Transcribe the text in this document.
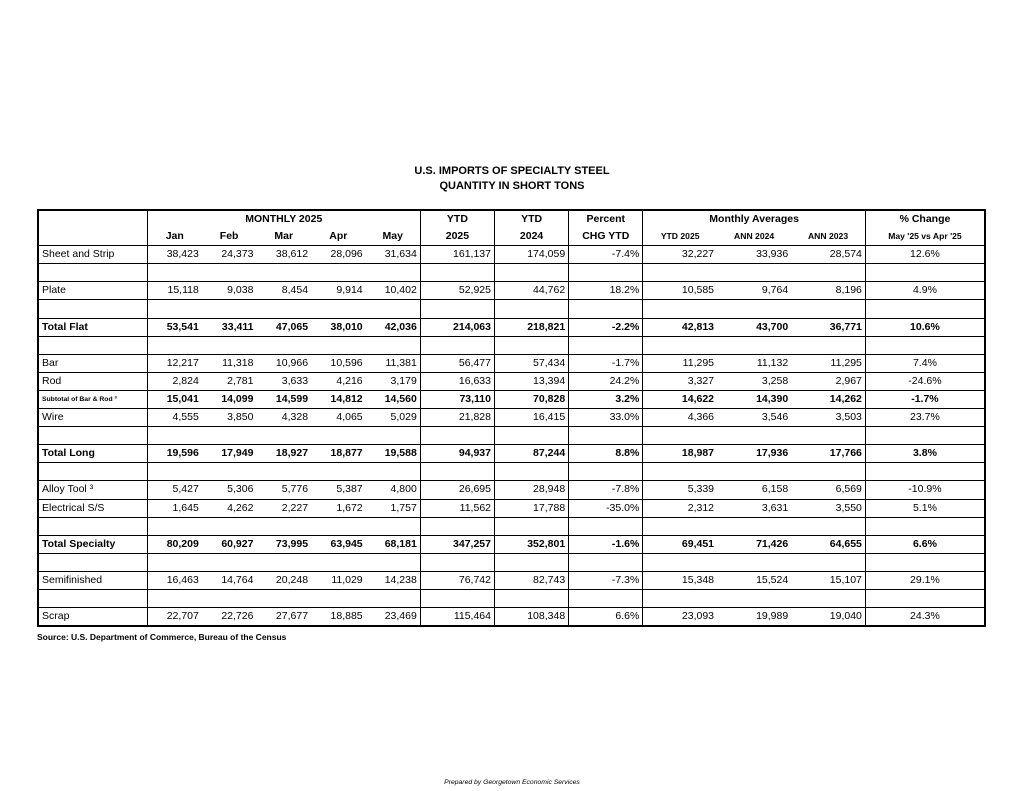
U.S. IMPORTS OF SPECIALTY STEEL
QUANTITY IN SHORT TONS
	MONTHLY 2025					YTD	YTD	Percent	Monthly Averages			% Change
	Jan	Feb	Mar	Apr	May	2025	2024	CHG YTD	YTD 2025	ANN 2024	ANN 2023	May '25 vs Apr '25
Sheet and Strip	38,423	24,373	38,612	28,096	31,634	161,137	174,059	-7.4%	32,227	33,936	28,574	12.6%

Plate	15,118	9,038	8,454	9,914	10,402	52,925	44,762	18.2%	10,585	9,764	8,196	4.9%

Total Flat	53,541	33,411	47,065	38,010	42,036	214,063	218,821	-2.2%	42,813	43,700	36,771	10.6%

Bar	12,217	11,318	10,966	10,596	11,381	56,477	57,434	-1.7%	11,295	11,132	11,295	7.4%
Rod	2,824	2,781	3,633	4,216	3,179	16,633	13,394	24.2%	3,327	3,258	2,967	-24.6%
Subtotal of Bar & Rod ³	15,041	14,099	14,599	14,812	14,560	73,110	70,828	3.2%	14,622	14,390	14,262	-1.7%
Wire	4,555	3,850	4,328	4,065	5,029	21,828	16,415	33.0%	4,366	3,546	3,503	23.7%

Total Long	19,596	17,949	18,927	18,877	19,588	94,937	87,244	8.8%	18,987	17,936	17,766	3.8%

Alloy Tool ³	5,427	5,306	5,776	5,387	4,800	26,695	28,948	-7.8%	5,339	6,158	6,569	-10.9%
Electrical S/S	1,645	4,262	2,227	1,672	1,757	11,562	17,788	-35.0%	2,312	3,631	3,550	5.1%

Total Specialty	80,209	60,927	73,995	63,945	68,181	347,257	352,801	-1.6%	69,451	71,426	64,655	6.6%

Semifinished	16,463	14,764	20,248	11,029	14,238	76,742	82,743	-7.3%	15,348	15,524	15,107	29.1%

Scrap	22,707	22,726	27,677	18,885	23,469	115,464	108,348	6.6%	23,093	19,989	19,040	24.3%
Source: U.S. Department of Commerce, Bureau of the Census
Prepared by Georgetown Economic Services
